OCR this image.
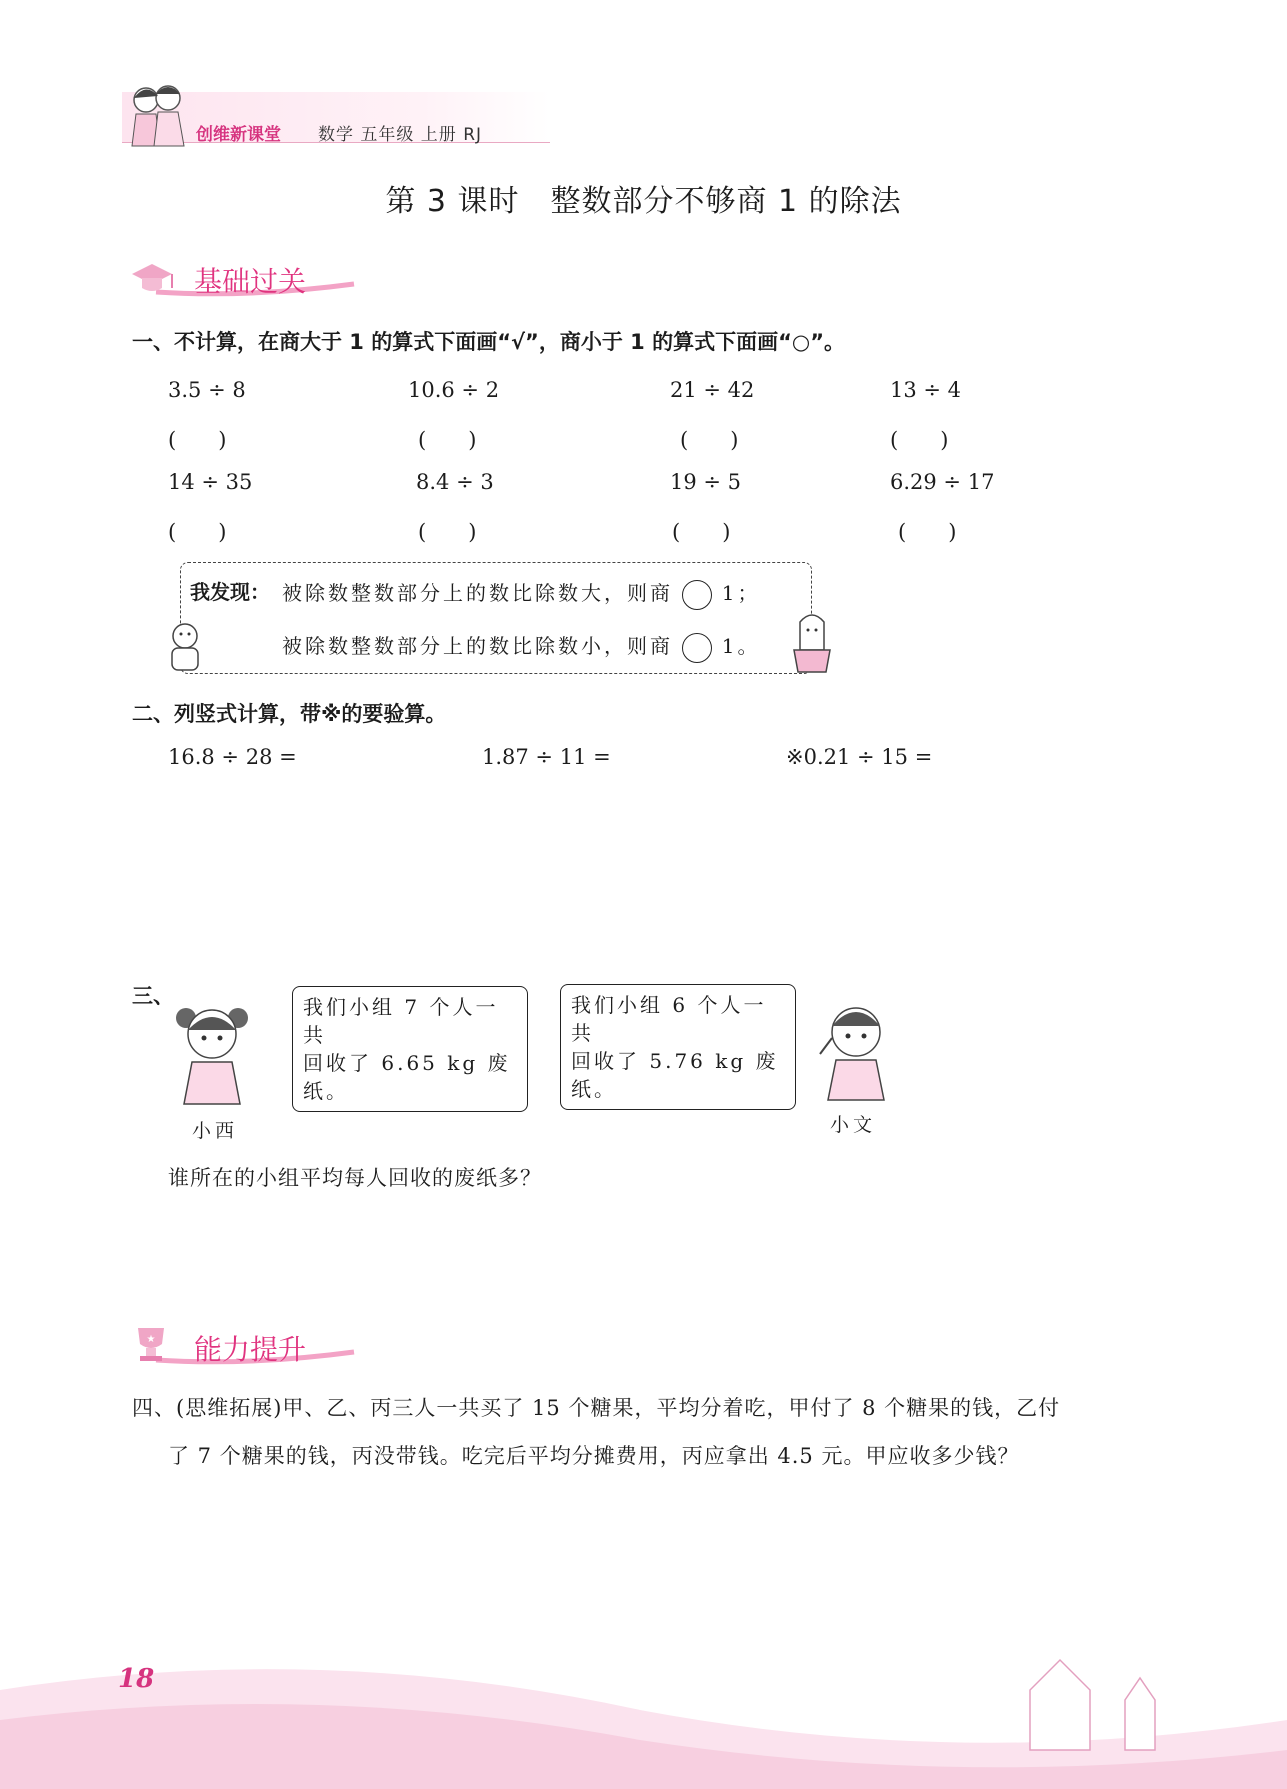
创维新课堂 数学 五年级 上册 RJ
第 3 课时　整数部分不够商 1 的除法
基础过关
一、不计算，在商大于 1 的算式下面画“√”，商小于 1 的算式下面画“○”。
3.5 ÷ 8	10.6 ÷ 2	21 ÷ 42	13 ÷ 4
(　　)	(　　)	(　　)	(　　)
14 ÷ 35	8.4 ÷ 3	19 ÷ 5	6.29 ÷ 17
(　　)	(　　)	(　　)	(　　)
我发现： 被除数整数部分上的数比除数大，则商 1；
被除数整数部分上的数比除数小，则商 1。
二、列竖式计算，带※的要验算。
16.8 ÷ 28 =	1.87 ÷ 11 =	※0.21 ÷ 15 =
三、	我们小组 7 个人一共
回收了 6.65 kg 废纸。
小西
我们小组 6 个人一共
回收了 5.76 kg 废纸。
小文
谁所在的小组平均每人回收的废纸多？
★ 能力提升
四、(思维拓展)甲、乙、丙三人一共买了 15 个糖果，平均分着吃，甲付了 8 个糖果的钱，乙付
了 7 个糖果的钱，丙没带钱。吃完后平均分摊费用，丙应拿出 4.5 元。甲应收多少钱？
18
